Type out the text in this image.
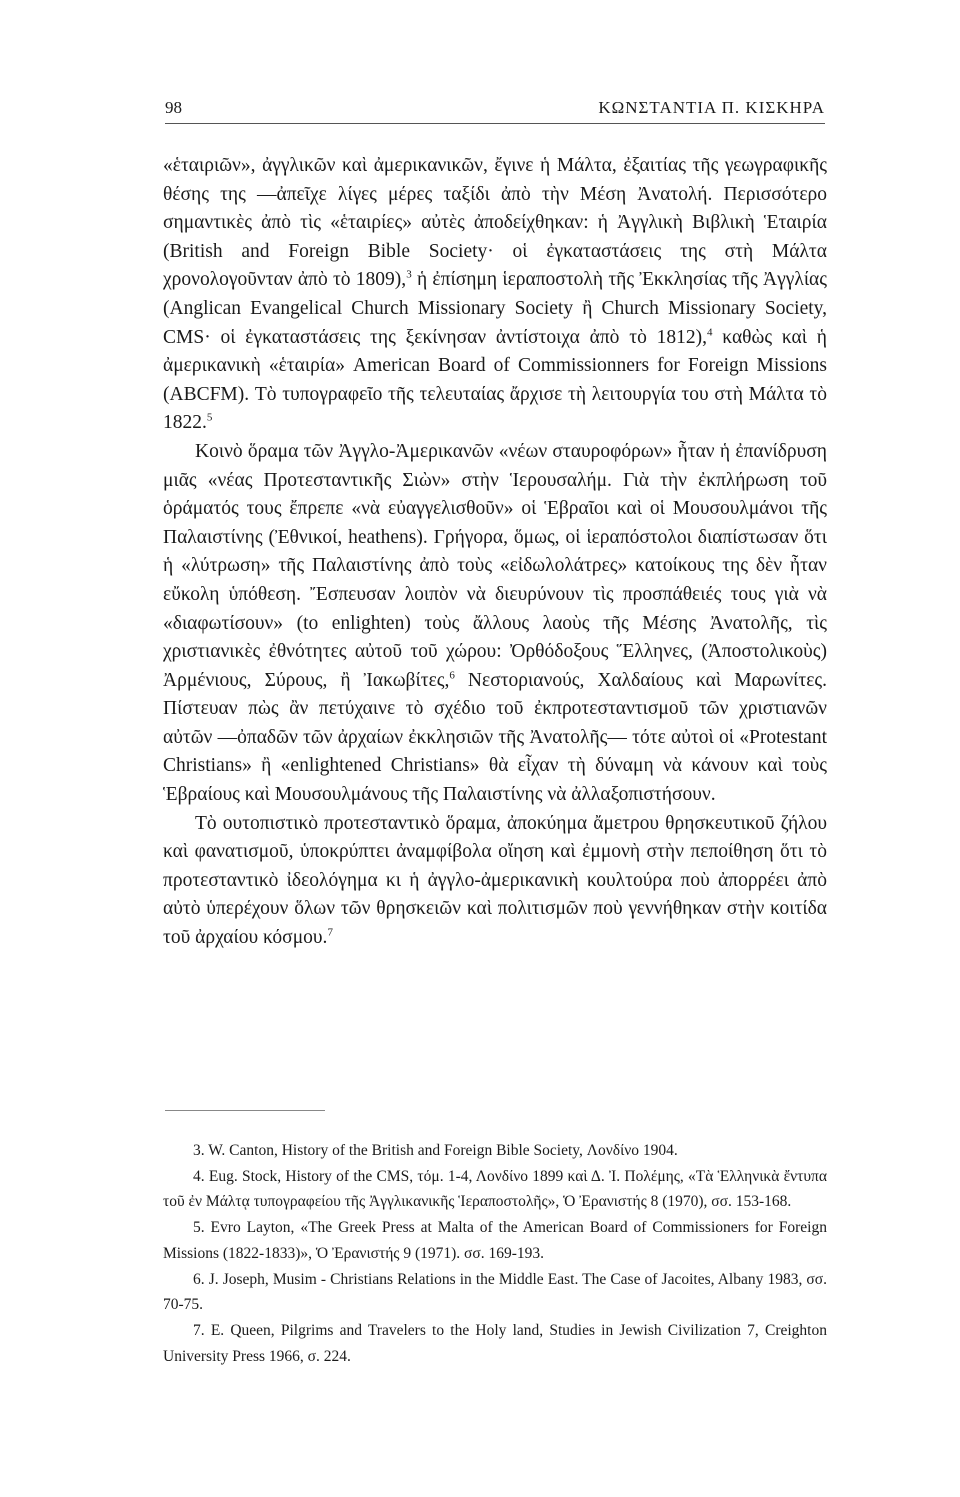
98	ΚΩΝΣΤΑΝΤΙΑ Π. ΚΙΣΚΗΡΑ

«ἑταιριῶν», ἀγγλικῶν καὶ ἀμερικανικῶν, ἔγινε ἡ Μάλτα, ἐξαιτίας τῆς γεωγραφικῆς θέσης της —ἀπεῖχε λίγες μέρες ταξίδι ἀπὸ τὴν Μέση Ἀνατολή. Περισσότερο σημαντικὲς ἀπὸ τὶς «ἑταιρίες» αὐτὲς ἀποδείχθηκαν: ἡ Ἀγγλικὴ Βιβλικὴ Ἑταιρία (British and Foreign Bible Society· οἱ ἐγκαταστάσεις της στὴ Μάλτα χρονολογοῦνταν ἀπὸ τὸ 1809),$^3$ ἡ ἐπίσημη ἱεραποστολὴ τῆς Ἐκκλησίας τῆς Ἀγγλίας (Anglican Evangelical Church Missionary Society ἢ Church Missionary Society, CMS· οἱ ἐγκαταστάσεις της ξεκίνησαν ἀντίστοιχα ἀπὸ τὸ 1812),$^4$ καθὼς καὶ ἡ ἀμερικανικὴ «ἑταιρία» American Board of Commissionners for Foreign Missions (ABCFM). Τὸ τυπογραφεῖο τῆς τελευταίας ἄρχισε τὴ λειτουργία του στὴ Μάλτα τὸ 1822.$^5$

Κοινὸ ὅραμα τῶν Ἀγγλο-Ἀμερικανῶν «νέων σταυροφόρων» ἦταν ἡ ἐπανίδρυση μιᾶς «νέας Προτεσταντικῆς Σιὼν» στὴν Ἱερουσαλήμ. Γιὰ τὴν ἐκπλήρωση τοῦ ὁράματός τους ἔπρεπε «νὰ εὐαγγελισθοῦν» οἱ Ἑβραῖοι καὶ οἱ Μουσουλμάνοι τῆς Παλαιστίνης (Ἐθνικοί, heathens). Γρήγορα, ὅμως, οἱ ἱεραπόστολοι διαπίστωσαν ὅτι ἡ «λύτρωση» τῆς Παλαιστίνης ἀπὸ τοὺς «εἰδωλολάτρες» κατοίκους της δὲν ἦταν εὔκολη ὑπόθεση. Ἔσπευσαν λοιπὸν νὰ διευρύνουν τὶς προσπάθειές τους γιὰ νὰ «διαφωτίσουν» (to enlighten) τοὺς ἄλλους λαοὺς τῆς Μέσης Ἀνατολῆς, τὶς χριστιανικὲς ἐθνότητες αὐτοῦ τοῦ χώρου: Ὀρθόδοξους Ἕλληνες, (Ἀποστολικοὺς) Ἀρμένιους, Σύρους, ἢ Ἰακωβίτες,$^6$ Νεστοριανούς, Χαλδαίους καὶ Μαρωνίτες. Πίστευαν πὼς ἂν πετύχαινε τὸ σχέδιο τοῦ ἐκπροτεσταντισμοῦ τῶν χριστιανῶν αὐτῶν —ὀπαδῶν τῶν ἀρχαίων ἐκκλησιῶν τῆς Ἀνατολῆς— τότε αὐτοὶ οἱ «Protestant Christians» ἢ «enlightened Christians» θὰ εἶχαν τὴ δύναμη νὰ κάνουν καὶ τοὺς Ἑβραίους καὶ Μουσουλμάνους τῆς Παλαιστίνης νὰ ἀλλαξοπιστήσουν.

Τὸ ουτοπιστικὸ προτεσταντικὸ ὅραμα, ἀποκύημα ἄμετρου θρησκευτικοῦ ζήλου καὶ φανατισμοῦ, ὑποκρύπτει ἀναμφίβολα οἴηση καὶ ἐμμονὴ στὴν πεποίθηση ὅτι τὸ προτεσταντικὸ ἰδεολόγημα κι ἡ ἀγγλο-ἀμερικανικὴ κουλτούρα ποὺ ἀπορρέει ἀπὸ αὐτὸ ὑπερέχουν ὅλων τῶν θρησκειῶν καὶ πολιτισμῶν ποὺ γεννήθηκαν στὴν κοιτίδα τοῦ ἀρχαίου κόσμου.$^7$

3. W. Canton, History of the British and Foreign Bible Society, Λονδίνο 1904.

4. Eug. Stock, History of the CMS, τόμ. 1-4, Λονδίνο 1899 καὶ Δ. Ἰ. Πολέμης, «Τὰ Ἑλληνικὰ ἔντυπα τοῦ ἐν Μάλτᾳ τυπογραφείου τῆς Ἀγγλικανικῆς Ἱεραποστολῆς», Ὁ Ἐρανιστής 8 (1970), σσ. 153-168.

5. Evro Layton, «The Greek Press at Malta of the American Board of Commissioners for Foreign Missions (1822-1833)», Ὁ Ἐρανιστής 9 (1971). σσ. 169-193.

6. J. Joseph, Musim - Christians Relations in the Middle East. The Case of Jacoites, Albany 1983, σσ. 70-75.

7. E. Queen, Pilgrims and Travelers to the Holy land, Studies in Jewish Civilization 7, Creighton University Press 1966, σ. 224.
